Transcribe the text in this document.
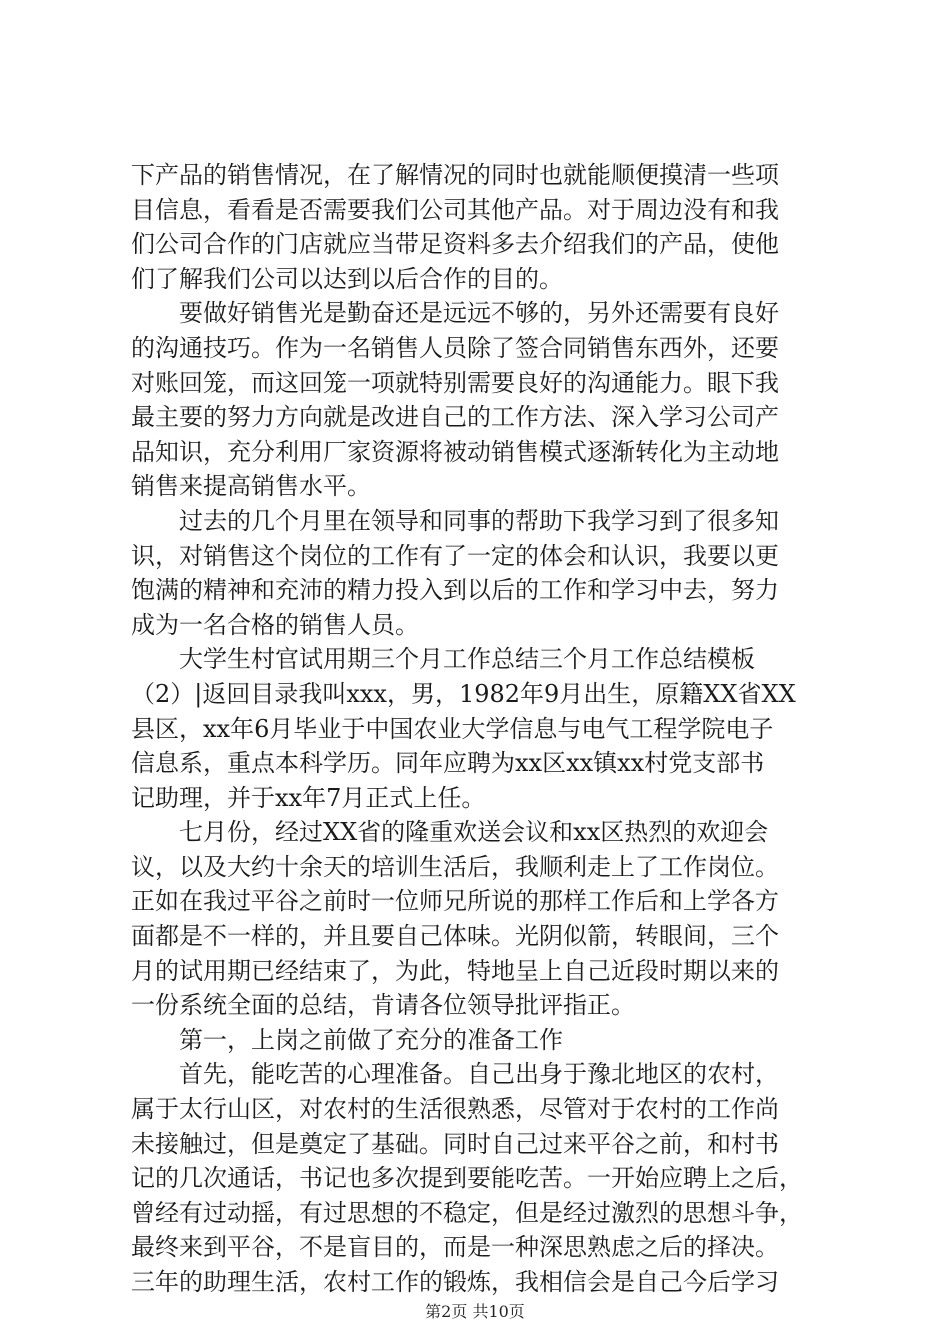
下产品的销售情况，在了解情况的同时也就能顺便摸清一些项
目信息，看看是否需要我们公司其他产品。对于周边没有和我
们公司合作的门店就应当带足资料多去介绍我们的产品，使他
们了解我们公司以达到以后合作的目的。
　　要做好销售光是勤奋还是远远不够的，另外还需要有良好
的沟通技巧。作为一名销售人员除了签合同销售东西外，还要
对账回笼，而这回笼一项就特别需要良好的沟通能力。眼下我
最主要的努力方向就是改进自己的工作方法、深入学习公司产
品知识，充分利用厂家资源将被动销售模式逐渐转化为主动地
销售来提高销售水平。
　　过去的几个月里在领导和同事的帮助下我学习到了很多知
识，对销售这个岗位的工作有了一定的体会和认识，我要以更
饱满的精神和充沛的精力投入到以后的工作和学习中去，努力
成为一名合格的销售人员。
　　大学生村官试用期三个月工作总结三个月工作总结模板
（2）|返回目录我叫xxx，男，1982年9月出生，原籍XX省XX
县区，xx年6月毕业于中国农业大学信息与电气工程学院电子
信息系，重点本科学历。同年应聘为xx区xx镇xx村党支部书
记助理，并于xx年7月正式上任。
　　七月份，经过XX省的隆重欢送会议和xx区热烈的欢迎会
议，以及大约十余天的培训生活后，我顺利走上了工作岗位。
正如在我过平谷之前时一位师兄所说的那样工作后和上学各方
面都是不一样的，并且要自己体味。光阴似箭，转眼间，三个
月的试用期已经结束了，为此，特地呈上自己近段时期以来的
一份系统全面的总结，肯请各位领导批评指正。
　　第一，上岗之前做了充分的准备工作
　　首先，能吃苦的心理准备。自己出身于豫北地区的农村，
属于太行山区，对农村的生活很熟悉，尽管对于农村的工作尚
未接触过，但是奠定了基础。同时自己过来平谷之前，和村书
记的几次通话，书记也多次提到要能吃苦。一开始应聘上之后，
曾经有过动摇，有过思想的不稳定，但是经过激烈的思想斗争，
最终来到平谷，不是盲目的，而是一种深思熟虑之后的择决。
三年的助理生活，农村工作的锻炼，我相信会是自己今后学习
第2页 共10页
